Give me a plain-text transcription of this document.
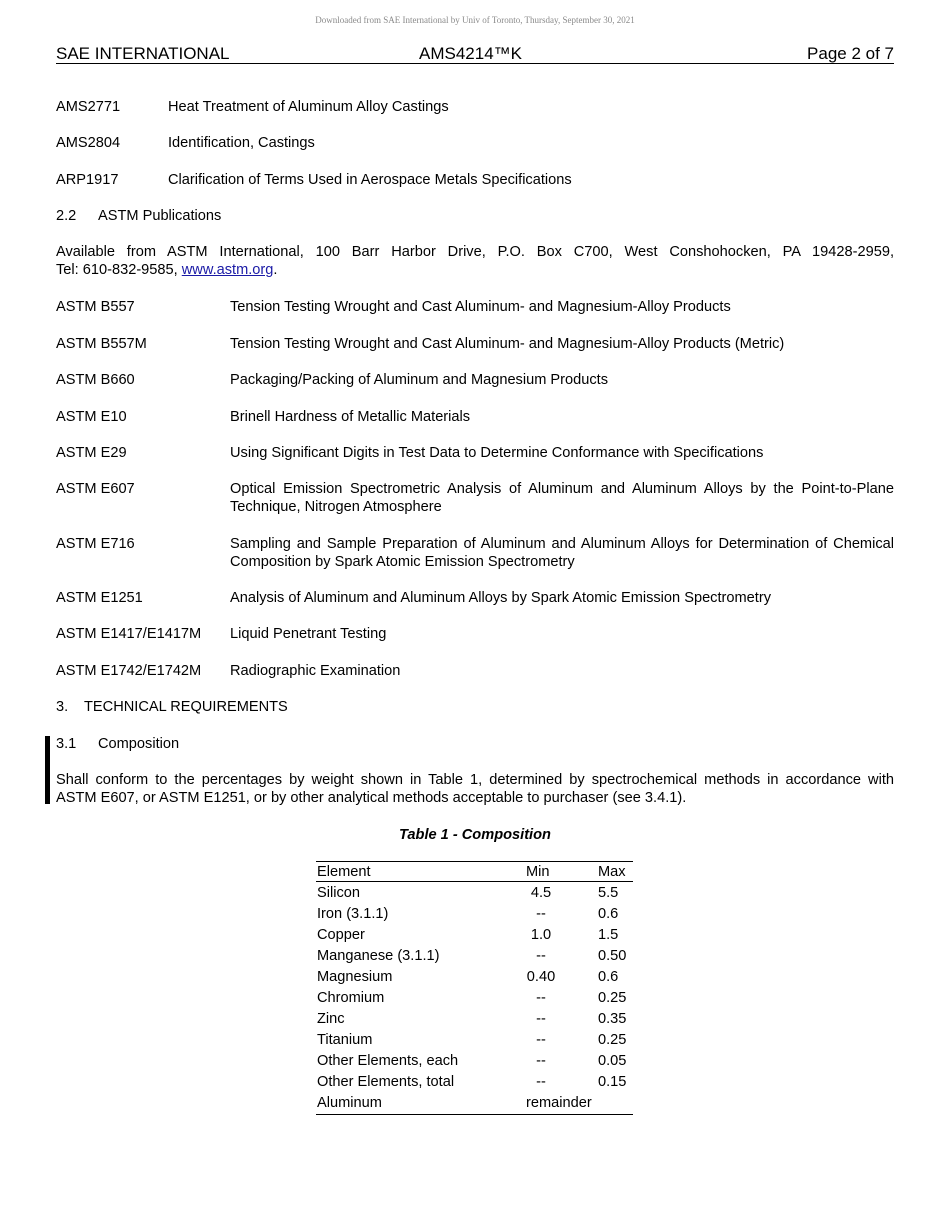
Downloaded from SAE International by Univ of Toronto, Thursday, September 30, 2021
SAE INTERNATIONAL	AMS4214™K	Page 2 of 7
AMS2771	Heat Treatment of Aluminum Alloy Castings
AMS2804	Identification, Castings
ARP1917	Clarification of Terms Used in Aerospace Metals Specifications
2.2 ASTM Publications
Available from ASTM International, 100 Barr Harbor Drive, P.O. Box C700, West Conshohocken, PA 19428-2959,
Tel: 610-832-9585, www.astm.org.
ASTM B557	Tension Testing Wrought and Cast Aluminum- and Magnesium-Alloy Products
ASTM B557M	Tension Testing Wrought and Cast Aluminum- and Magnesium-Alloy Products (Metric)
ASTM B660	Packaging/Packing of Aluminum and Magnesium Products
ASTM E10	Brinell Hardness of Metallic Materials
ASTM E29	Using Significant Digits in Test Data to Determine Conformance with Specifications
ASTM E607	Optical Emission Spectrometric Analysis of Aluminum and Aluminum Alloys by the Point-to-Plane Technique, Nitrogen Atmosphere
ASTM E716	Sampling and Sample Preparation of Aluminum and Aluminum Alloys for Determination of Chemical Composition by Spark Atomic Emission Spectrometry
ASTM E1251	Analysis of Aluminum and Aluminum Alloys by Spark Atomic Emission Spectrometry
ASTM E1417/E1417M Liquid Penetrant Testing
ASTM E1742/E1742M Radiographic Examination
3. TECHNICAL REQUIREMENTS
3.1 Composition
Shall conform to the percentages by weight shown in Table 1, determined by spectrochemical methods in accordance with
ASTM E607, or ASTM E1251, or by other analytical methods acceptable to purchaser (see 3.4.1).
Table 1 - Composition
Element	Min	Max
Silicon	4.5	5.5
Iron (3.1.1)	--	0.6
Copper	1.0	1.5
Manganese (3.1.1)	--	0.50
Magnesium	0.40	0.6
Chromium	--	0.25
Zinc	--	0.35
Titanium	--	0.25
Other Elements, each	--	0.05
Other Elements, total	--	0.15
Aluminum	remainder
